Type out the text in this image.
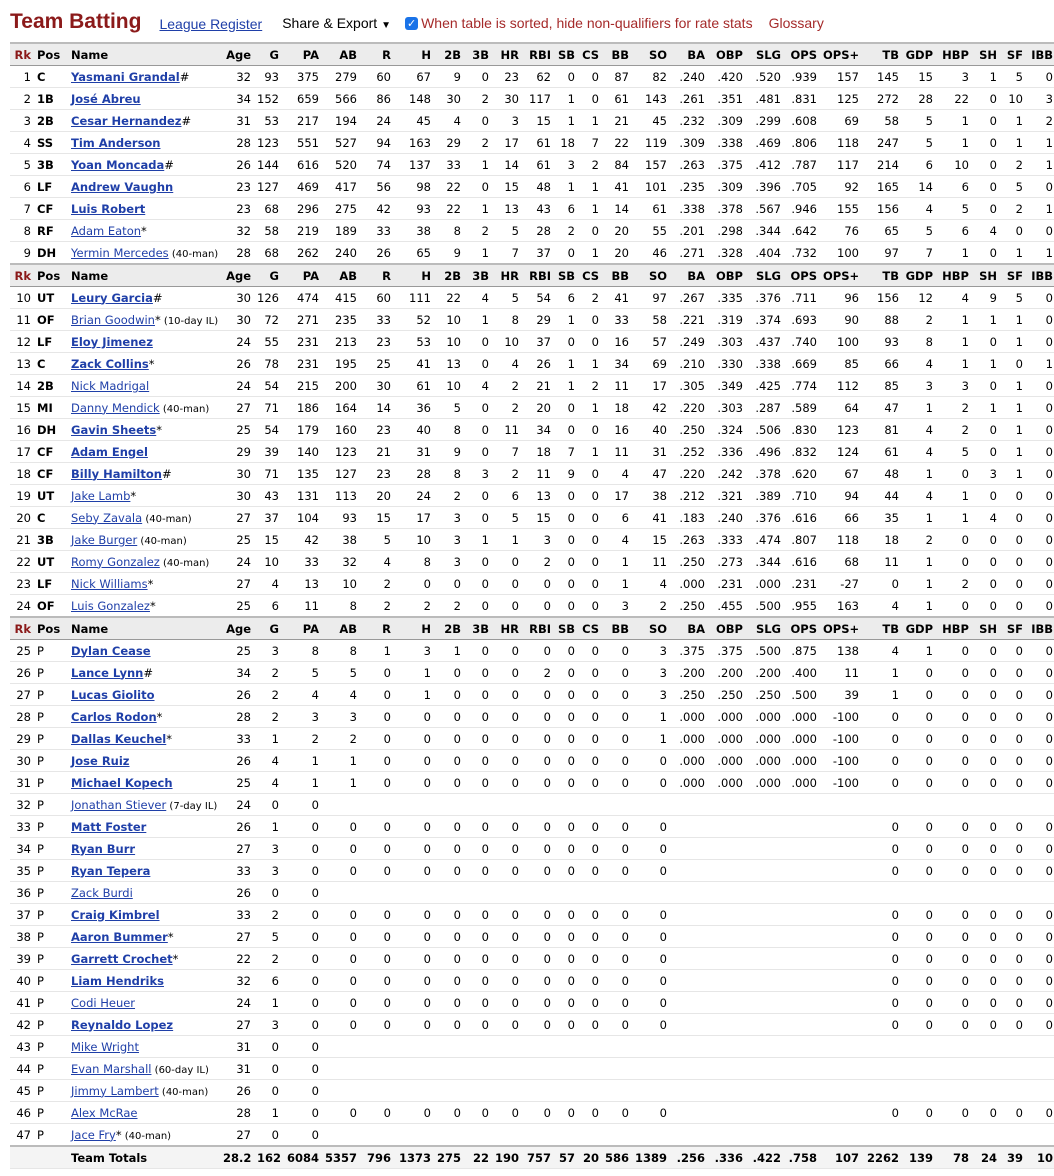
Team Batting League Register Share & Export ▼ ✓ When table is sorted, hide non-qualifiers for rate stats Glossary
Rk	Pos	Name	Age	G	PA	AB	R	H	2B	3B	HR	RBI	SB	CS	BB	SO	BA	OBP	SLG	OPS	OPS+	TB	GDP	HBP	SH	SF	IBB
1	C	Yasmani Grandal#	32	93	375	279	60	67	9	0	23	62	0	0	87	82	.240	.420	.520	.939	157	145	15	3	1	5	0
2	1B	José Abreu	34	152	659	566	86	148	30	2	30	117	1	0	61	143	.261	.351	.481	.831	125	272	28	22	0	10	3
3	2B	Cesar Hernandez#	31	53	217	194	24	45	4	0	3	15	1	1	21	45	.232	.309	.299	.608	69	58	5	1	0	1	2
4	SS	Tim Anderson	28	123	551	527	94	163	29	2	17	61	18	7	22	119	.309	.338	.469	.806	118	247	5	1	0	1	1
5	3B	Yoan Moncada#	26	144	616	520	74	137	33	1	14	61	3	2	84	157	.263	.375	.412	.787	117	214	6	10	0	2	1
6	LF	Andrew Vaughn	23	127	469	417	56	98	22	0	15	48	1	1	41	101	.235	.309	.396	.705	92	165	14	6	0	5	0
7	CF	Luis Robert	23	68	296	275	42	93	22	1	13	43	6	1	14	61	.338	.378	.567	.946	155	156	4	5	0	2	1
8	RF	Adam Eaton*	32	58	219	189	33	38	8	2	5	28	2	0	20	55	.201	.298	.344	.642	76	65	5	6	4	0	0
9	DH	Yermin Mercedes (40-man)	28	68	262	240	26	65	9	1	7	37	0	1	20	46	.271	.328	.404	.732	100	97	7	1	0	1	1
Rk	Pos	Name	Age	G	PA	AB	R	H	2B	3B	HR	RBI	SB	CS	BB	SO	BA	OBP	SLG	OPS	OPS+	TB	GDP	HBP	SH	SF	IBB
10	UT	Leury Garcia#	30	126	474	415	60	111	22	4	5	54	6	2	41	97	.267	.335	.376	.711	96	156	12	4	9	5	0
11	OF	Brian Goodwin* (10-day IL)	30	72	271	235	33	52	10	1	8	29	1	0	33	58	.221	.319	.374	.693	90	88	2	1	1	1	0
12	LF	Eloy Jimenez	24	55	231	213	23	53	10	0	10	37	0	0	16	57	.249	.303	.437	.740	100	93	8	1	0	1	0
13	C	Zack Collins*	26	78	231	195	25	41	13	0	4	26	1	1	34	69	.210	.330	.338	.669	85	66	4	1	1	0	1
14	2B	Nick Madrigal	24	54	215	200	30	61	10	4	2	21	1	2	11	17	.305	.349	.425	.774	112	85	3	3	0	1	0
15	MI	Danny Mendick (40-man)	27	71	186	164	14	36	5	0	2	20	0	1	18	42	.220	.303	.287	.589	64	47	1	2	1	1	0
16	DH	Gavin Sheets*	25	54	179	160	23	40	8	0	11	34	0	0	16	40	.250	.324	.506	.830	123	81	4	2	0	1	0
17	CF	Adam Engel	29	39	140	123	21	31	9	0	7	18	7	1	11	31	.252	.336	.496	.832	124	61	4	5	0	1	0
18	CF	Billy Hamilton#	30	71	135	127	23	28	8	3	2	11	9	0	4	47	.220	.242	.378	.620	67	48	1	0	3	1	0
19	UT	Jake Lamb*	30	43	131	113	20	24	2	0	6	13	0	0	17	38	.212	.321	.389	.710	94	44	4	1	0	0	0
20	C	Seby Zavala (40-man)	27	37	104	93	15	17	3	0	5	15	0	0	6	41	.183	.240	.376	.616	66	35	1	1	4	0	0
21	3B	Jake Burger (40-man)	25	15	42	38	5	10	3	1	1	3	0	0	4	15	.263	.333	.474	.807	118	18	2	0	0	0	0
22	UT	Romy Gonzalez (40-man)	24	10	33	32	4	8	3	0	0	2	0	0	1	11	.250	.273	.344	.616	68	11	1	0	0	0	0
23	LF	Nick Williams*	27	4	13	10	2	0	0	0	0	0	0	0	1	4	.000	.231	.000	.231	-27	0	1	2	0	0	0
24	OF	Luis Gonzalez*	25	6	11	8	2	2	2	0	0	0	0	0	3	2	.250	.455	.500	.955	163	4	1	0	0	0	0
Rk	Pos	Name	Age	G	PA	AB	R	H	2B	3B	HR	RBI	SB	CS	BB	SO	BA	OBP	SLG	OPS	OPS+	TB	GDP	HBP	SH	SF	IBB
25	P	Dylan Cease	25	3	8	8	1	3	1	0	0	0	0	0	0	3	.375	.375	.500	.875	138	4	1	0	0	0	0
26	P	Lance Lynn#	34	2	5	5	0	1	0	0	0	2	0	0	0	3	.200	.200	.200	.400	11	1	0	0	0	0	0
27	P	Lucas Giolito	26	2	4	4	0	1	0	0	0	0	0	0	0	3	.250	.250	.250	.500	39	1	0	0	0	0	0
28	P	Carlos Rodon*	28	2	3	3	0	0	0	0	0	0	0	0	0	1	.000	.000	.000	.000	-100	0	0	0	0	0	0
29	P	Dallas Keuchel*	33	1	2	2	0	0	0	0	0	0	0	0	0	1	.000	.000	.000	.000	-100	0	0	0	0	0	0
30	P	Jose Ruiz	26	4	1	1	0	0	0	0	0	0	0	0	0	0	.000	.000	.000	.000	-100	0	0	0	0	0	0
31	P	Michael Kopech	25	4	1	1	0	0	0	0	0	0	0	0	0	0	.000	.000	.000	.000	-100	0	0	0	0	0	0
32	P	Jonathan Stiever (7-day IL)	24	0	0																						
33	P	Matt Foster	26	1	0	0	0	0	0	0	0	0	0	0	0	0						0	0	0	0	0	0
34	P	Ryan Burr	27	3	0	0	0	0	0	0	0	0	0	0	0	0						0	0	0	0	0	0
35	P	Ryan Tepera	33	3	0	0	0	0	0	0	0	0	0	0	0	0						0	0	0	0	0	0
36	P	Zack Burdi	26	0	0																						
37	P	Craig Kimbrel	33	2	0	0	0	0	0	0	0	0	0	0	0	0						0	0	0	0	0	0
38	P	Aaron Bummer*	27	5	0	0	0	0	0	0	0	0	0	0	0	0						0	0	0	0	0	0
39	P	Garrett Crochet*	22	2	0	0	0	0	0	0	0	0	0	0	0	0						0	0	0	0	0	0
40	P	Liam Hendriks	32	6	0	0	0	0	0	0	0	0	0	0	0	0						0	0	0	0	0	0
41	P	Codi Heuer	24	1	0	0	0	0	0	0	0	0	0	0	0	0						0	0	0	0	0	0
42	P	Reynaldo Lopez	27	3	0	0	0	0	0	0	0	0	0	0	0	0						0	0	0	0	0	0
43	P	Mike Wright	31	0	0																						
44	P	Evan Marshall (60-day IL)	31	0	0																						
45	P	Jimmy Lambert (40-man)	26	0	0																						
46	P	Alex McRae	28	1	0	0	0	0	0	0	0	0	0	0	0	0						0	0	0	0	0	0
47	P	Jace Fry* (40-man)	27	0	0																						
		Team Totals	28.2	162	6084	5357	796	1373	275	22	190	757	57	20	586	1389	.256	.336	.422	.758	107	2262	139	78	24	39	10
